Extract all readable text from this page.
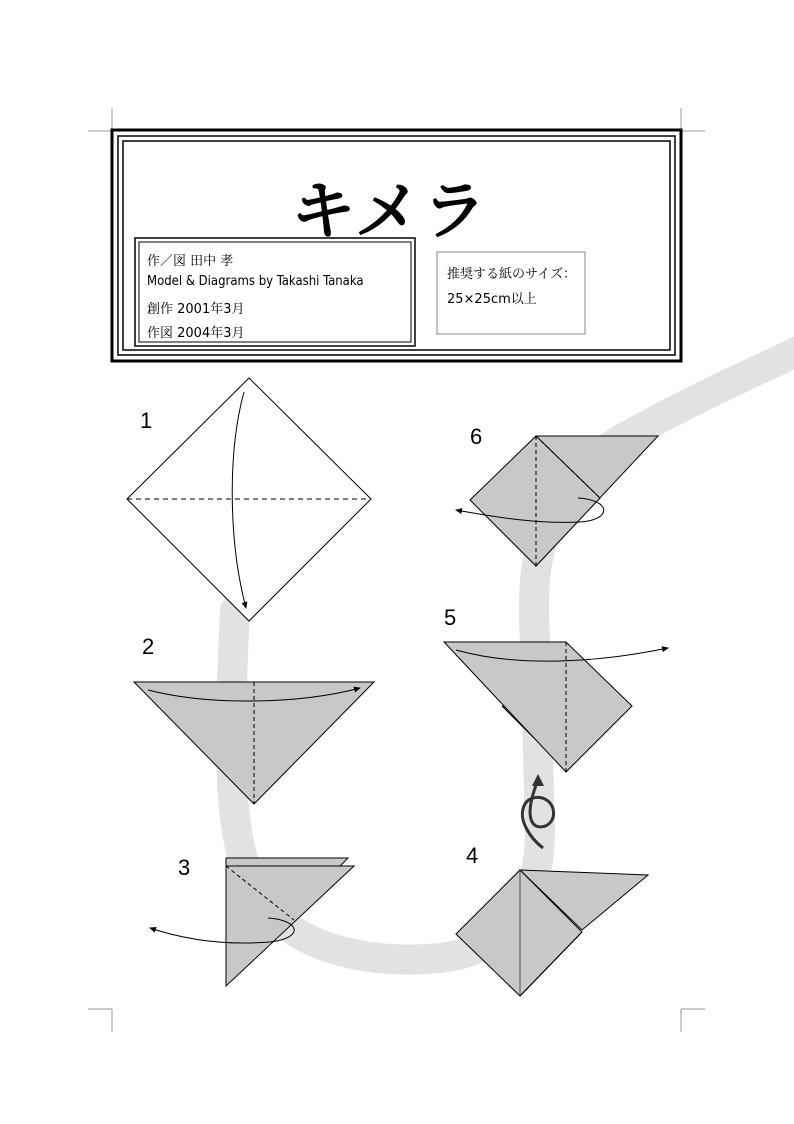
キメラ
作／図 田中 孝
Model & Diagrams by Takashi Tanaka
創作 2001年3月
作図 2004年3月
推奨する紙のサイズ：
25×25cm以上
1
2
3	4
5
6
